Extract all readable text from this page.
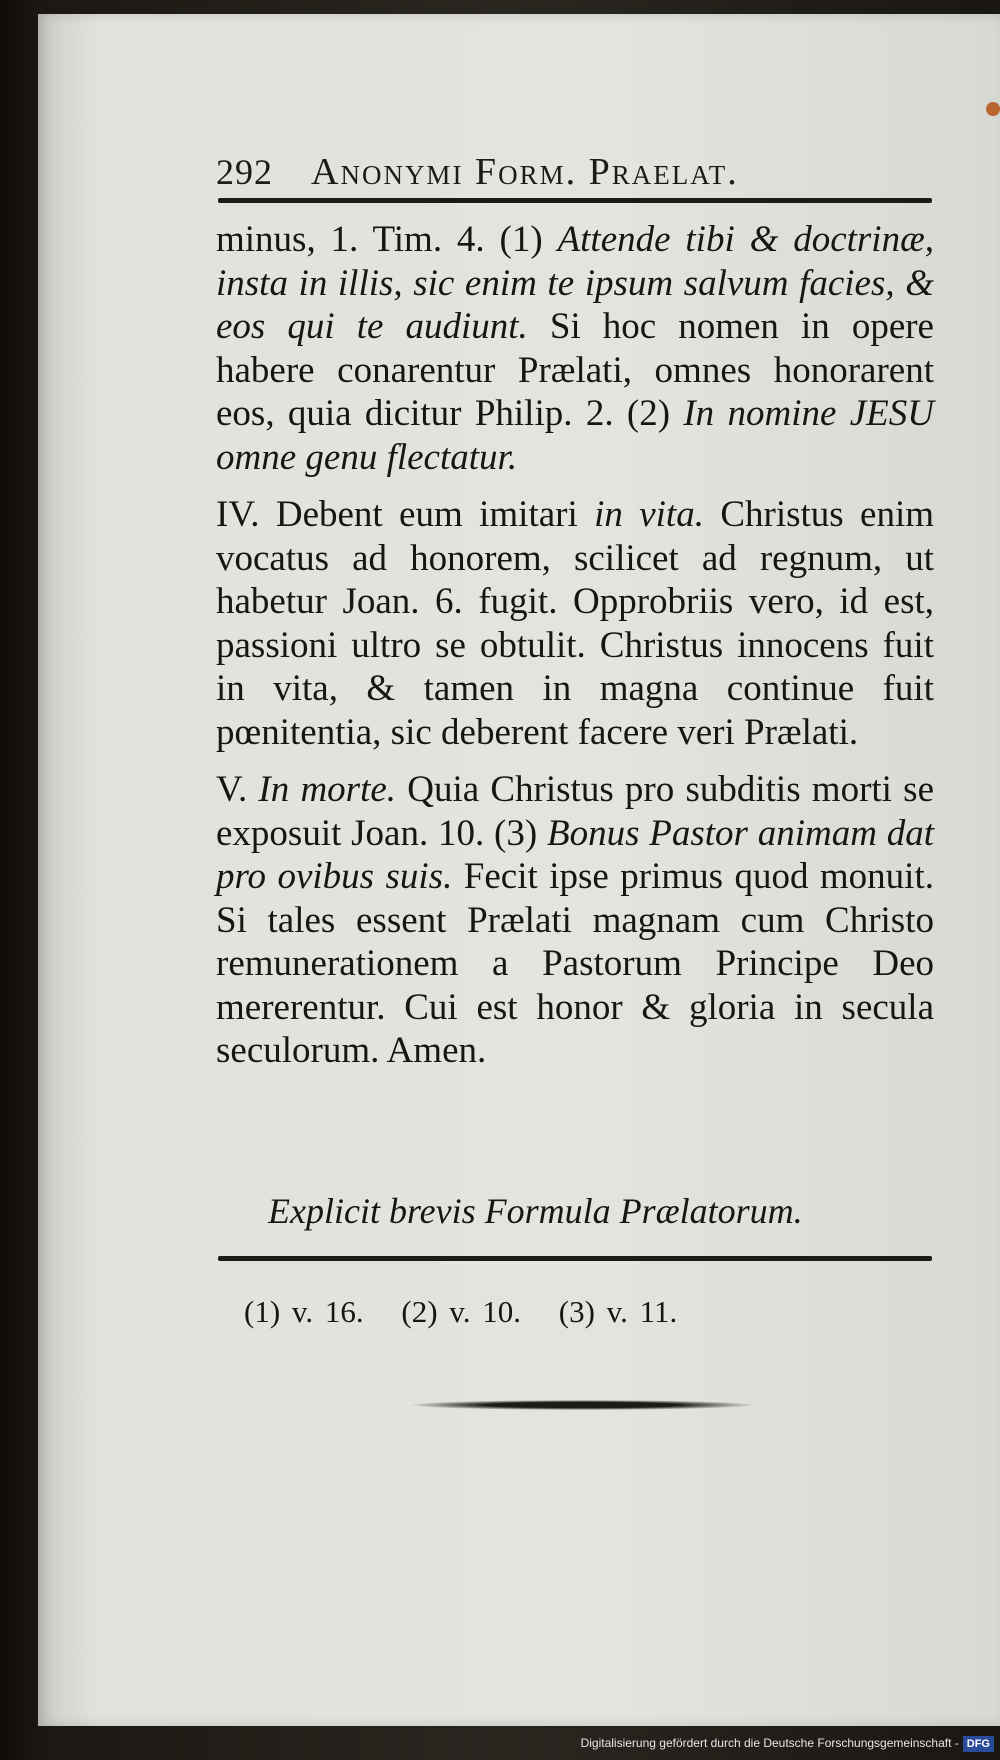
292 Anonymi Form. Praelat.

minus, 1. Tim. 4. (1) Attende tibi & doctrinæ, insta in illis, sic enim te ipsum salvum facies, & eos qui te audiunt. Si hoc nomen in opere habere conarentur Prælati, omnes honorarent eos, quia dicitur Philip. 2. (2) In nomine JESU omne genu flectatur.

IV. Debent eum imitari in vita. Christus enim vocatus ad honorem, scilicet ad regnum, ut habetur Joan. 6. fugit. Opprobriis vero, id est, passioni ultro se obtulit. Christus innocens fuit in vita, & tamen in magna continue fuit pœnitentia, sic deberent facere veri Prælati.

V. In morte. Quia Christus pro subditis morti se exposuit Joan. 10. (3) Bonus Pastor animam dat pro ovibus suis. Fecit ipse primus quod monuit. Si tales essent Prælati magnam cum Christo remunerationem a Pastorum Principe Deo mererentur. Cui est honor & gloria in secula seculorum. Amen.

Explicit brevis Formula Prælatorum.
(1) v. 16. (2) v. 10. (3) v. 11.
Digitalisierung gefördert durch die Deutsche Forschungsgemeinschaft - DFG
